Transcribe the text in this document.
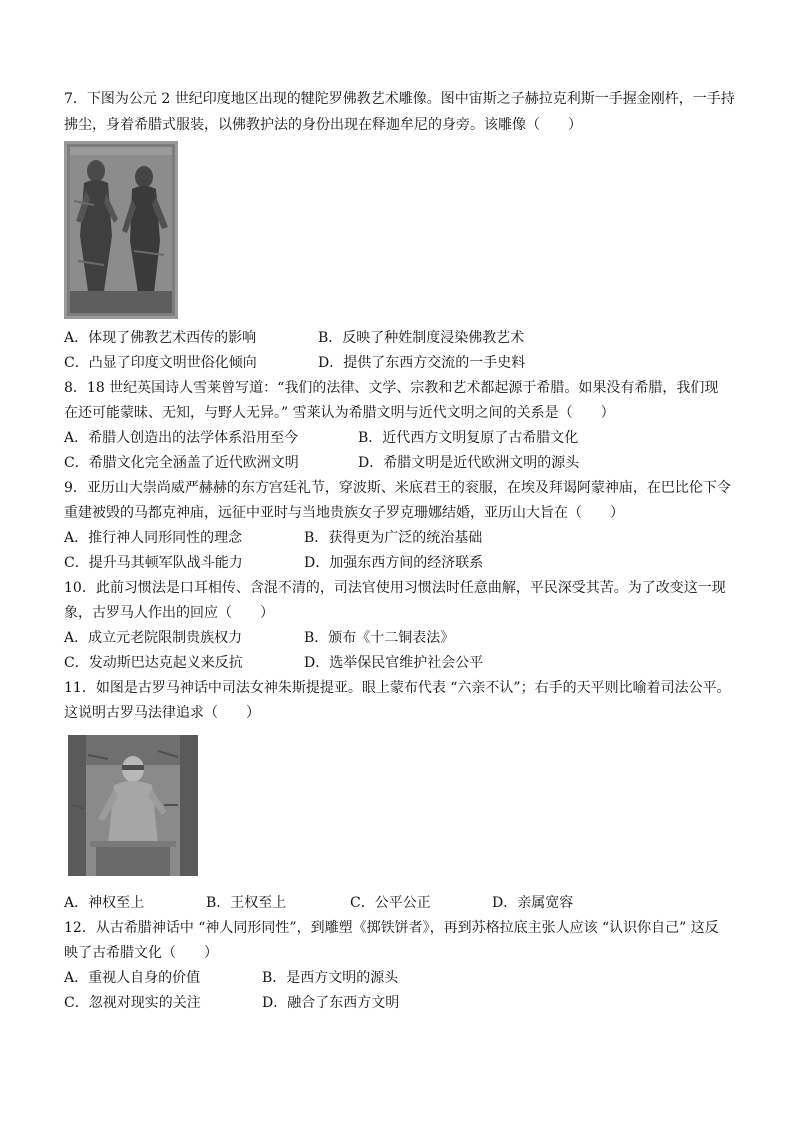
7．下图为公元 2 世纪印度地区出现的犍陀罗佛教艺术雕像。图中宙斯之子赫拉克利斯一手握金刚杵，一手持
拂尘，身着希腊式服装，以佛教护法的身份出现在释迦牟尼的身旁。该雕像（　　）
A．体现了佛教艺术西传的影响	B．反映了种姓制度浸染佛教艺术
C．凸显了印度文明世俗化倾向	D．提供了东西方交流的一手史料
8．18 世纪英国诗人雪莱曾写道：“我们的法律、文学、宗教和艺术都起源于希腊。如果没有希腊，我们现
在还可能蒙昧、无知，与野人无异。” 雪莱认为希腊文明与近代文明之间的关系是（　　）
A．希腊人创造出的法学体系沿用至今	B．近代西方文明复原了古希腊文化
C．希腊文化完全涵盖了近代欧洲文明	D．希腊文明是近代欧洲文明的源头
9．亚历山大崇尚威严赫赫的东方宫廷礼节，穿波斯、米底君王的衮服，在埃及拜谒阿蒙神庙，在巴比伦下令
重建被毁的马都克神庙，远征中亚时与当地贵族女子罗克珊娜结婚，亚历山大旨在（　　）
A．推行神人同形同性的理念	B．获得更为广泛的统治基础
C．提升马其顿军队战斗能力	D．加强东西方间的经济联系
10．此前习惯法是口耳相传、含混不清的，司法官使用习惯法时任意曲解，平民深受其苦。为了改变这一现
象，古罗马人作出的回应（　　）
A．成立元老院限制贵族权力	B．颁布《十二铜表法》
C．发动斯巴达克起义来反抗	D．选举保民官维护社会公平
11．如图是古罗马神话中司法女神朱斯提提亚。眼上蒙布代表 “六亲不认”；右手的天平则比喻着司法公平。
这说明古罗马法律追求（　　）
A．神权至上	B．王权至上	C．公平公正	D．亲属宽容
12．从古希腊神话中 “神人同形同性”，到雕塑《掷铁饼者》，再到苏格拉底主张人应该 “认识你自己” 这反
映了古希腊文化（　　）
A．重视人自身的价值	B．是西方文明的源头
C．忽视对现实的关注	D．融合了东西方文明
